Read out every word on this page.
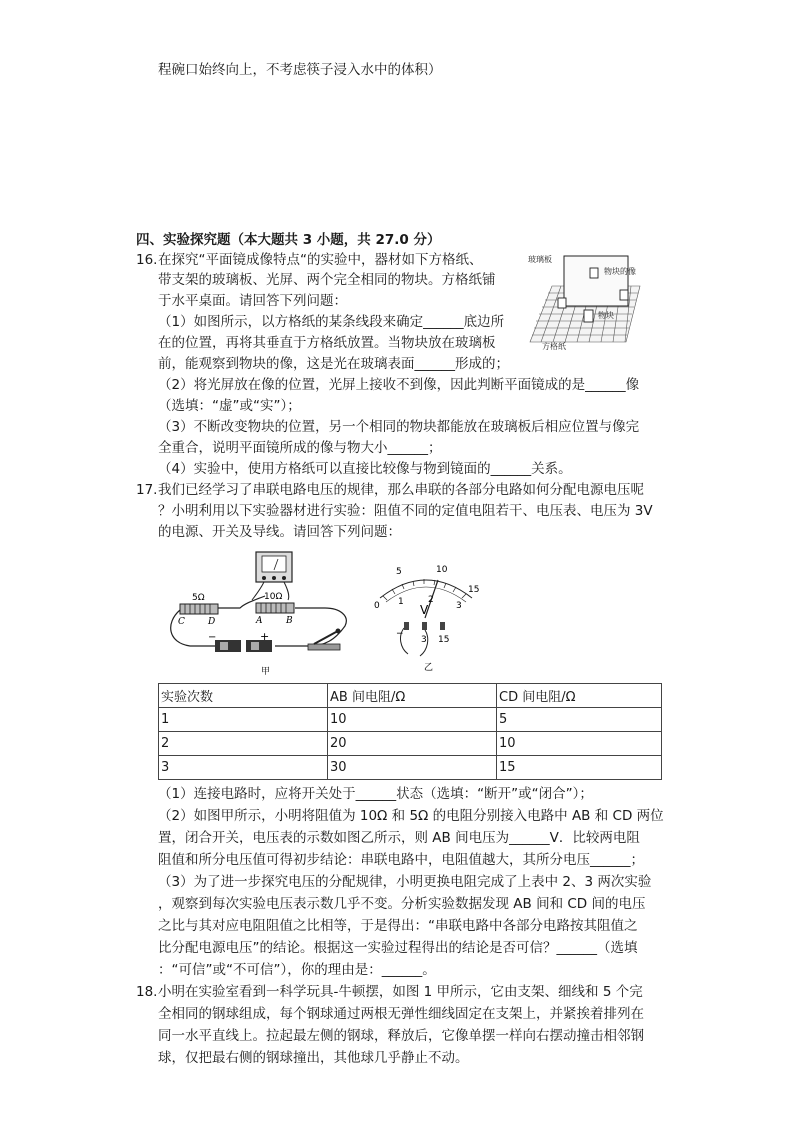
程碗口始终向上，不考虑筷子浸入水中的体积）
四、实验探究题（本大题共 3 小题，共 27.0 分）
16. 在探究“平面镜成像特点“的实验中，器材如下方格纸、
带支架的玻璃板、光屏、两个完全相同的物块。方格纸铺
于水平桌面。请回答下列问题：
（1）如图所示，以方格纸的某条线段来确定______底边所
在的位置，再将其垂直于方格纸放置。当物块放在玻璃板
前，能观察到物块的像，这是光在玻璃表面______形成的；
（2）将光屏放在像的位置，光屏上接收不到像，因此判断平面镜成的是______像
（选填：“虚”或“实”）；
（3）不断改变物块的位置，另一个相同的物块都能放在玻璃板后相应位置与像完
全重合，说明平面镜所成的像与物大小______；
（4）实验中，使用方格纸可以直接比较像与物到镜面的______关系。
玻璃板
物块的像
物块
方格纸
17. 我们已经学习了串联电路电压的规律，那么串联的各部分电路如何分配电源电压呢
？小明利用以下实验器材进行实验：阻值不同的定值电阻若干、电压表、电压为 3V
的电源、开关及导线。请回答下列问题：
5Ω	10Ω
C	D	A	B
−	+
甲
5	10
15
0 1	2
3
V
−
3 15
乙
实验次数	AB 间电阻/Ω	CD 间电阻/Ω
1	10	5
2	20	10
3	30	15
（1）连接电路时，应将开关处于______状态（选填：“断开”或“闭合”）；
（2）如图甲所示，小明将阻值为 10Ω 和 5Ω 的电阻分别接入电路中 AB 和 CD 两位
置，闭合开关，电压表的示数如图乙所示，则 AB 间电压为______V．比较两电阻
阻值和所分电压值可得初步结论：串联电路中，电阻值越大，其所分电压______；
（3）为了进一步探究电压的分配规律，小明更换电阻完成了上表中 2、3 两次实验
，观察到每次实验电压表示数几乎不变。分析实验数据发现 AB 间和 CD 间的电压
之比与其对应电阻阻值之比相等，于是得出：“串联电路中各部分电路按其阻值之
比分配电源电压”的结论。根据这一实验过程得出的结论是否可信？______（选填
：“可信”或“不可信”），你的理由是：______。
18. 小明在实验室看到一科学玩具-牛顿摆，如图 1 甲所示，它由支架、细线和 5 个完
全相同的钢球组成，每个钢球通过两根无弹性细线固定在支架上，并紧挨着排列在
同一水平直线上。拉起最左侧的钢球，释放后，它像单摆一样向右摆动撞击相邻钢
球，仅把最右侧的钢球撞出，其他球几乎静止不动。
